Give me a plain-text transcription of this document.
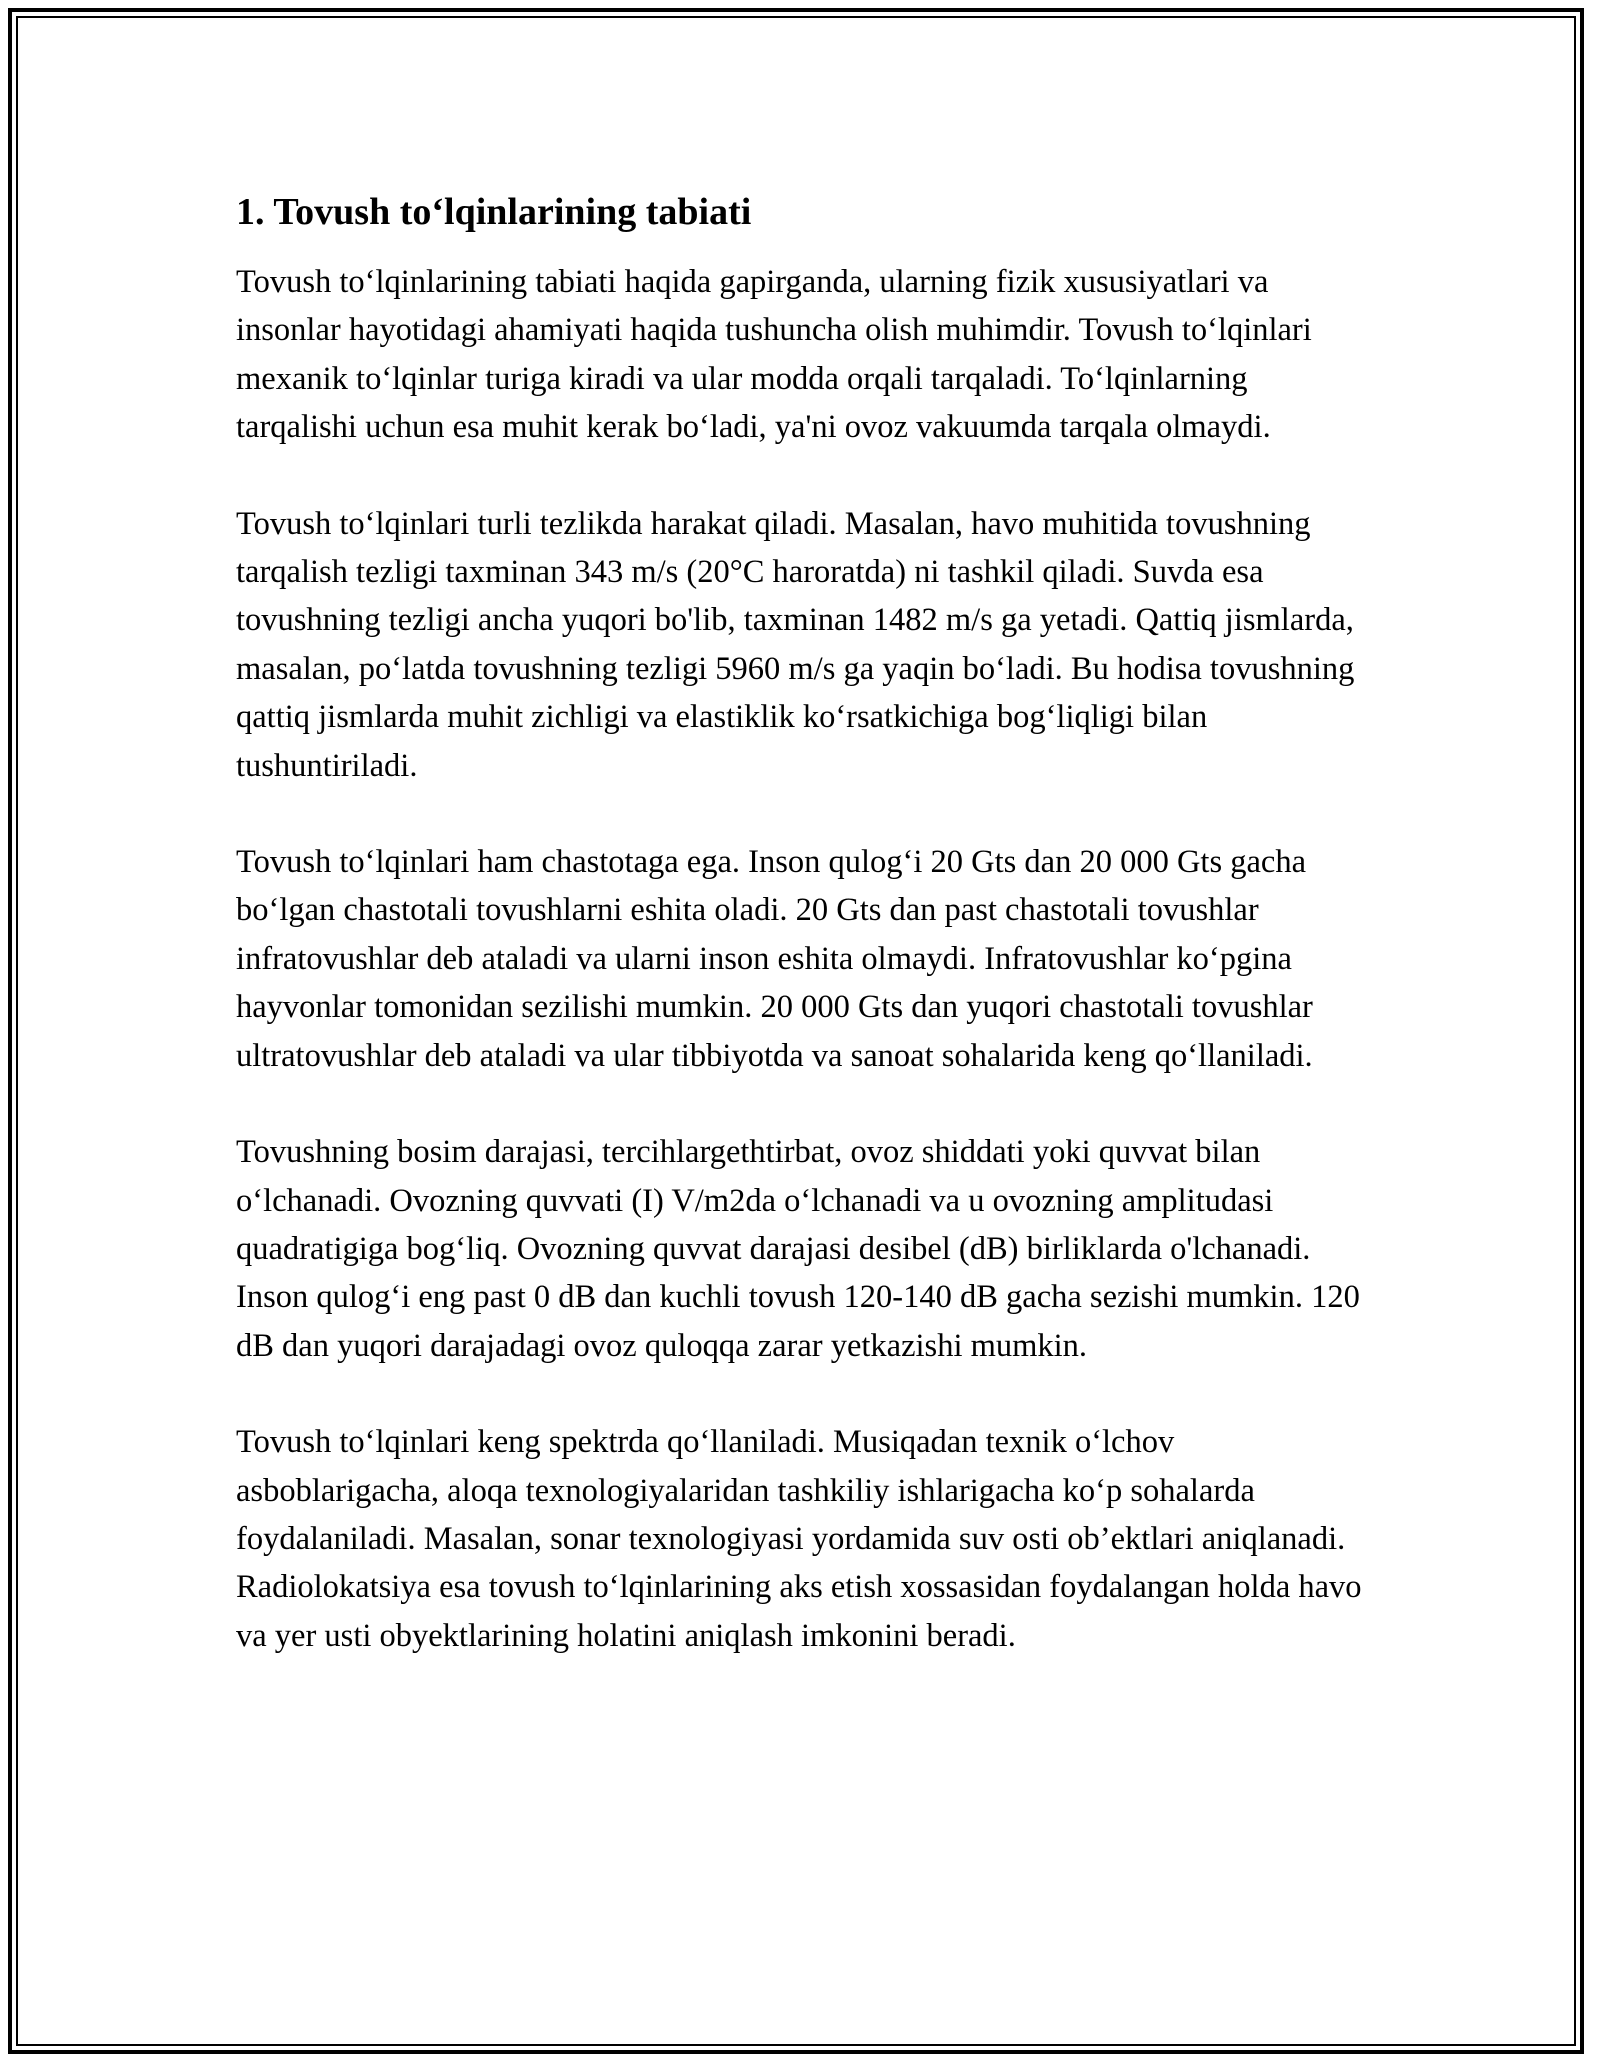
1. Tovush to‘lqinlarining tabiati

Tovush to‘lqinlarining tabiati haqida gapirganda, ularning fizik xususiyatlari va insonlar hayotidagi ahamiyati haqida tushuncha olish muhimdir. Tovush to‘lqinlari mexanik to‘lqinlar turiga kiradi va ular modda orqali tarqaladi. To‘lqinlarning tarqalishi uchun esa muhit kerak bo‘ladi, ya'ni ovoz vakuumda tarqala olmaydi.

Tovush to‘lqinlari turli tezlikda harakat qiladi. Masalan, havo muhitida tovushning tarqalish tezligi taxminan 343 m/s (20°C haroratda) ni tashkil qiladi. Suvda esa tovushning tezligi ancha yuqori bo'lib, taxminan 1482 m/s ga yetadi. Qattiq jismlarda, masalan, po‘latda tovushning tezligi 5960 m/s ga yaqin bo‘ladi. Bu hodisa tovushning qattiq jismlarda muhit zichligi va elastiklik ko‘rsatkichiga bog‘liqligi bilan tushuntiriladi.

Tovush to‘lqinlari ham chastotaga ega. Inson qulog‘i 20 Gts dan 20 000 Gts gacha bo‘lgan chastotali tovushlarni eshita oladi. 20 Gts dan past chastotali tovushlar infratovushlar deb ataladi va ularni inson eshita olmaydi. Infratovushlar ko‘pgina hayvonlar tomonidan sezilishi mumkin. 20 000 Gts dan yuqori chastotali tovushlar ultratovushlar deb ataladi va ular tibbiyotda va sanoat sohalarida keng qo‘llaniladi.

Tovushning bosim darajasi, tercihlargethtirbat, ovoz shiddati yoki quvvat bilan o‘lchanadi. Ovozning quvvati (I) V/m2da o‘lchanadi va u ovozning amplitudasi quadratigiga bog‘liq. Ovozning quvvat darajasi desibel (dB) birliklarda o'lchanadi. Inson qulog‘i eng past 0 dB dan kuchli tovush 120-140 dB gacha sezishi mumkin. 120 dB dan yuqori darajadagi ovoz quloqqa zarar yetkazishi mumkin.

Tovush to‘lqinlari keng spektrda qo‘llaniladi. Musiqadan texnik o‘lchov asboblarigacha, aloqa texnologiyalaridan tashkiliy ishlarigacha ko‘p sohalarda foydalaniladi. Masalan, sonar texnologiyasi yordamida suv osti ob’ektlari aniqlanadi. Radiolokatsiya esa tovush to‘lqinlarining aks etish xossasidan foydalangan holda havo va yer usti obyektlarining holatini aniqlash imkonini beradi.
